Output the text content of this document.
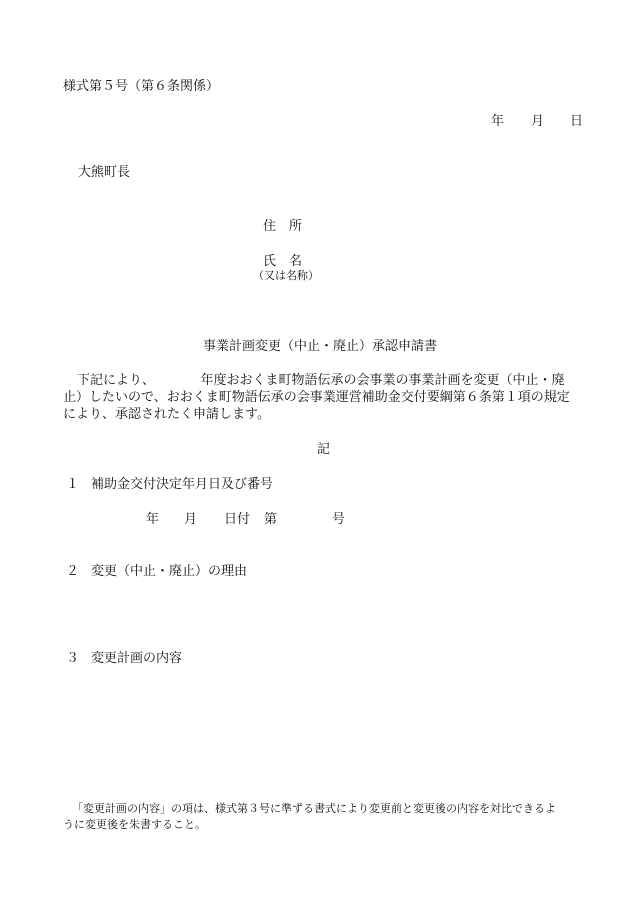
様式第５号（第６条関係）
年 月 日
大熊町長
住　所
氏　名
（又は名称）
事業計画変更（中止・廃止）承認申請書
下記により、　　　　年度おおくま町物語伝承の会事業の事業計画を変更（中止・廃
止）したいので、おおくま町物語伝承の会事業運営補助金交付要綱第６条第１項の規定
により、承認されたく申請します。
記
１ 補助金交付決定年月日及び番号
年 月 日付 第	号
２ 変更（中止・廃止）の理由
３ 変更計画の内容
「変更計画の内容」の項は、様式第３号に準ずる書式により変更前と変更後の内容を対比できるよ
うに変更後を朱書すること。
